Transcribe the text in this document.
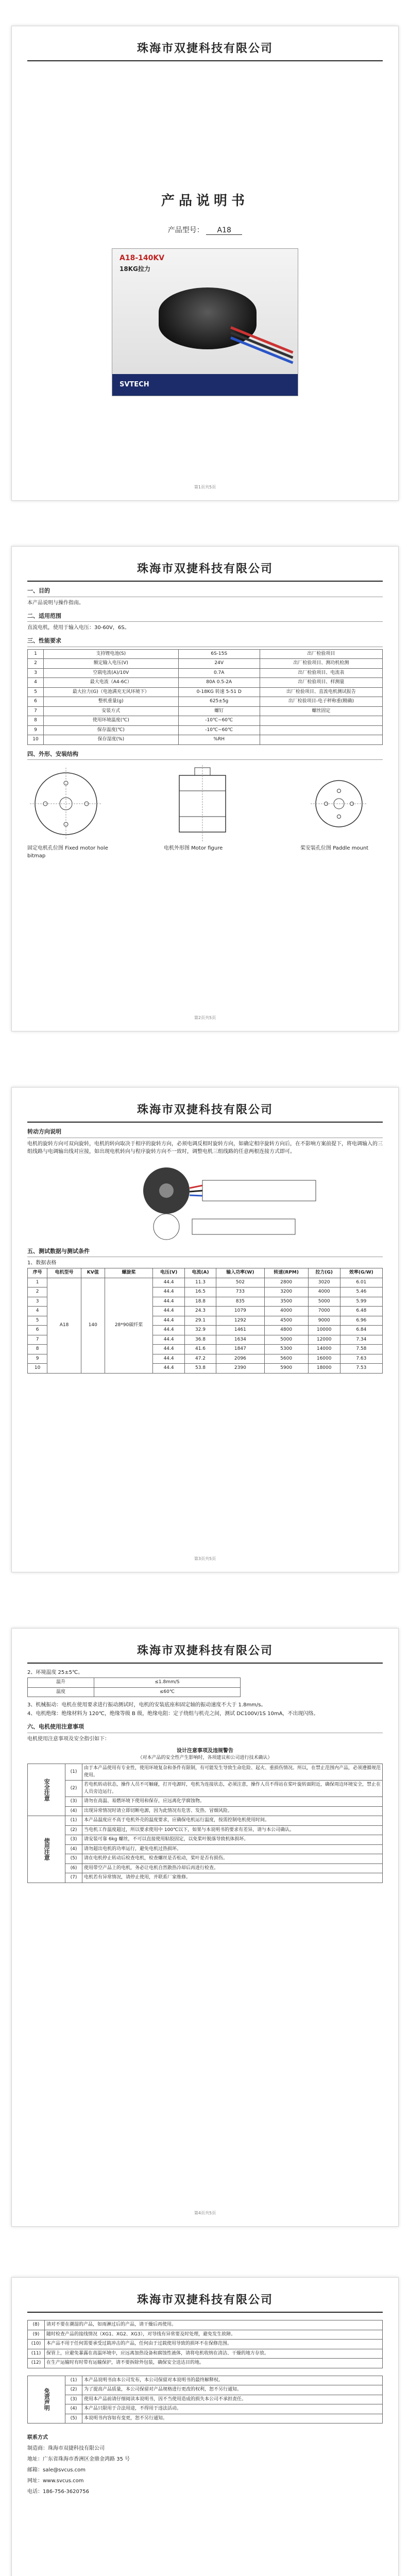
珠海市双捷科技有限公司
产品说明书
产品型号： A18
A18-140KV
18KG拉力
SVTECH
第1页共5页
珠海市双捷科技有限公司
一、目的

本产品说明与操作指南。

二、适用范围

直流电机，使用于输入电压：30-60V，6S。

三、性能要求
1	支持锂电池(S)	6S-15S	出厂检验项目
2	额定输入电压(V)	24V	出厂检验项目、测功机检测
3	空载电流(A)/10V	0.7A	出厂检验项目、电流表
4	最大电流（A4-6C）	80A 0.5-2A	出厂检验项目、样测量
5	最大拉力(G)（电池满充无风环境下）	0-18KG 转速 5-51 D	出厂检验项目、直流电机测试报告
6	整机重量(g)	625±5g	出厂检验项目-电子秤称重(精确)
7	安装方式	螺钉	螺丝固定
8	使用环境温度(℃)	-10℃~60℃	
9	保存温度(℃)	-10℃~60℃	
10	保存湿度(%)	%RH	
四、外形、安装结构
固定电机孔位图 Fixed motor hole bitmap
电机外形图 Motor figure	桨安装孔位图 Paddle mount
第2页共5页
珠海市双捷科技有限公司
转动方向说明

电机的旋转方向可双向旋转，电机的转向取决于相序的旋转方向，必须电调反相时旋转方向，如确定相序旋转方向后，在不影响方案前提下，将电调输入的三组线路与电调输出线对应接，如出现电机转向与程序旋转方向不一致时，调整电机三组线路的任意两根连接方式即可。

五、测试数据与测试条件

1、数据表格

序号	电机型号	KV值	螺旋桨	电压(V)	电流(A)	输入功率(W)	转速(RPM)	拉力(G)	效率(G/W)
1	A18	140	28*90碳纤桨	44.4	11.3	502	2800	3020	6.01
2				44.4	16.5	733	3200	4000	5.46
3				44.4	18.8	835	3500	5000	5.99
4				44.4	24.3	1079	4000	7000	6.48
5				44.4	29.1	1292	4500	9000	6.96
6				44.4	32.9	1461	4800	10000	6.84
7				44.4	36.8	1634	5000	12000	7.34
8				44.4	41.6	1847	5300	14000	7.58
9				44.4	47.2	2096	5600	16000	7.63
10				44.4	53.8	2390	5900	18000	7.53
第3页共5页
珠海市双捷科技有限公司

2、环境温度 25±5℃。

温升	≤1.8mm/S
温度	≤60℃

3、机械振动：电机在使用要求进行振动测试时，电机的安装底座和固定轴的振动速度不大于 1.8mm/s。

4、电机绝缘：绝缘材料为 120℃，绝缘等级 B 级，绝缘电阻：定子绕组与机壳之间，测试 DC100V/1S 10mA，不出现闪络。

六、电机使用注意事项

电机使用注意事项及安全指引如下：

设计注意事项及违规警告
（对本产品的安全性产生影响时，各项建议和公司进行技术确认）
安全注意	(1)	由于本产品使用有专业性，使用环境复杂和条件有限制，有可能发生导致生命危险、起火、重损伤情况。所以，在禁止范围内产品，必须遵循规范使用。
	(2)	若电机转动状态，操作人员不可触碰，打开电源时，电机为连接状态，必须注意，操作人员不得站在桨叶旋转面附近，确保周边环境安全，禁止在人员旁边运行。
	(3)	请勿在高温、易燃环境下使用和保存，应远离化学腐蚀物。
	(4)	出现异常情况时请立即切断电源，因为此情况有危害、发热、冒烟风险。
使用注意	(1)	本产品温度应不高于电机外壳的温度要求，应确保电机运行温度，按需控制电机使用时间。
	(2)	当电机工作温度超过，所以要求使用中 100℃以下，如果与本说明书的要求有差异，请与本公司确认。
	(3)	请安装可靠 6kg 螺丝，不可以直接使用粘胶固定，以免桨叶脱落导致机体损坏。
	(4)	请勿超出电机的功率运行，避免电机过热损坏。
	(5)	请在电机停止转动后检查电机，检查螺丝是否松动，桨叶是否有损伤。
	(6)	使用带空产品上的电机，务必让电机自然散热冷却后再进行检查。
	(7)	电机若有异常情况，请停止使用，并联系厂家维修。
第4页共5页
珠海市双捷科技有限公司
(8)	请对不要在潮湿的产品，如雨淋过后的产品，请干燥后再使用。
(9)	随时检查产品的接线情况（XG1、XG2、XG3），对导线有异常要及时处理，避免发生故障。
(10)	本产品不用于任何需要承受过载冲击的产品，任何由于过载使用导致的损坏不在保修范围。
(11)	保管上，应避免暴露在高温环境中，应远离加热设备和腐蚀性液体，请将电机收纳在清洁、干燥的地方存放。
(12)	在生产运输时有时带有运输保护，请不要拆除外包装，确保安全送达目的地。
免责声明	(1)	本产品说明书由本公司发布，本公司保留对本说明书的最终解释权。
	(2)	为了提高产品质量，本公司保留对产品规格进行更改的权利，恕不另行通知。
	(3)	使用本产品前请仔细阅读本说明书，因不当使用造成的损失本公司不承担责任。
	(4)	本产品只限用于合法用途，不得用于违法活动。
	(5)	本说明书内容如有变更，恕不另行通知。

联系方式

制造商：珠海市双捷科技有限公司

地址：广东省珠海市香洲区金鼎金鸿路 35 号

邮箱：sale@svcus.com

网址：www.svcus.com

电话：186-756-3620756
